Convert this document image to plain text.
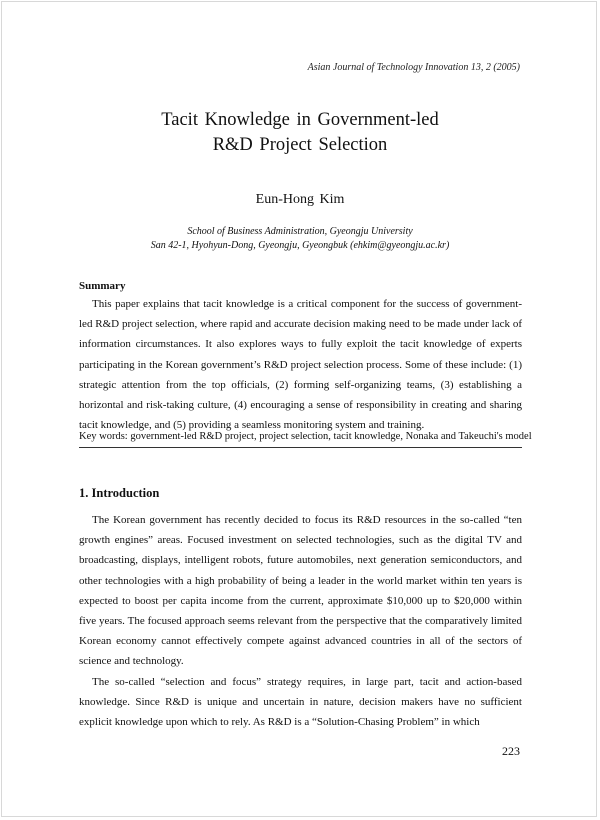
Asian Journal of Technology Innovation 13, 2 (2005)
Tacit Knowledge in Government-led
R&D Project Selection
Eun-Hong Kim
School of Business Administration, Gyeongju University
San 42-1, Hyohyun-Dong, Gyeongju, Gyeongbuk (ehkim@gyeongju.ac.kr)
Summary

This paper explains that tacit knowledge is a critical component for the success of government-led R&D project selection, where rapid and accurate decision making need to be made under lack of information circumstances. It also explores ways to fully exploit the tacit knowledge of experts participating in the Korean government’s R&D project selection process. Some of these include: (1) strategic attention from the top officials, (2) forming self-organizing teams, (3) establishing a horizontal and risk-taking culture, (4) encouraging a sense of responsibility in creating and sharing tacit knowledge, and (5) providing a seamless monitoring system and training.

Key words: government-led R&D project, project selection, tacit knowledge, Nonaka and Takeuchi's model
1. Introduction

The Korean government has recently decided to focus its R&D resources in the so-called “ten growth engines” areas. Focused investment on selected technologies, such as the digital TV and broadcasting, displays, intelligent robots, future automobiles, next generation semiconductors, and other technologies with a high probability of being a leader in the world market within ten years is expected to boost per capita income from the current, approximate $10,000 up to $20,000 within five years. The focused approach seems relevant from the perspective that the comparatively limited Korean economy cannot effectively compete against advanced countries in all of the sectors of science and technology.

The so-called “selection and focus” strategy requires, in large part, tacit and action-based knowledge. Since R&D is unique and uncertain in nature, decision makers have no sufficient explicit knowledge upon which to rely. As R&D is a “Solution-Chasing Problem” in which

223
